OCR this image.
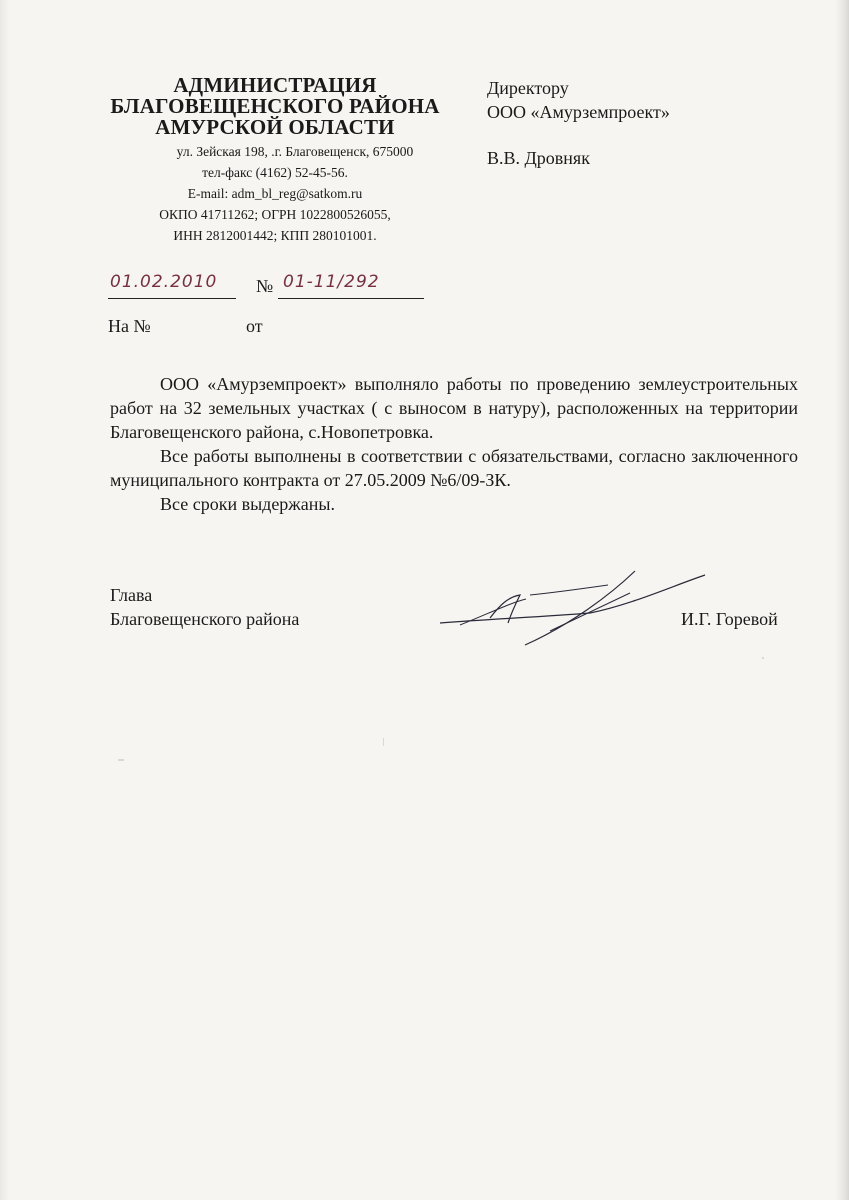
АДМИНИСТРАЦИЯ
БЛАГОВЕЩЕНСКОГО РАЙОНА
АМУРСКОЙ ОБЛАСТИ
ул. Зейская 198, .г. Благовещенск, 675000
тел-факс (4162) 52-45-56.
E-mail: adm_bl_reg@satkom.ru
ОКПО 41711262; ОГРН 1022800526055,
ИНН 2812001442; КПП 280101001.
Директору
ООО «Амурземпроект»
В.В. Дровняк
01.02.2010 № 01-11/292
На №	от

ООО «Амурземпроект» выполняло работы по проведению землеустроительных работ на 32 земельных участках ( с выносом в натуру), расположенных на территории Благовещенского района, с.Новопетровка.

Все работы выполнены в соответствии с обязательствами, согласно заключенного муниципального контракта от 27.05.2009 №6/09-ЗК.

Все сроки выдержаны.

Глава
Благовещенского района	И.Г. Горевой
